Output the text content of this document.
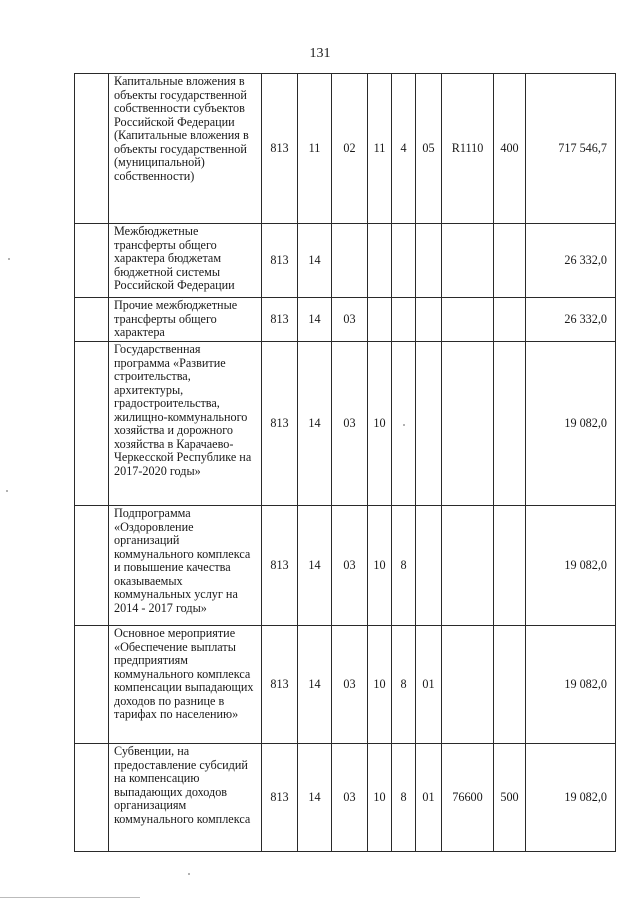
131
	Капитальные вложения в объекты государственной собственности субъектов Российской Федерации (Капитальные вложения в объекты государственной (муниципальной) собственности)	813	11	02	11	4	05	R1110	400	717 546,7
	Межбюджетные трансферты общего характера бюджетам бюджетной системы Российской Федерации	813	14							26 332,0
	Прочие межбюджетные трансферты общего характера	813	14	03						26 332,0
	Государственная программа «Развитие строительства, архитектуры, градостроительства, жилищно-коммунального хозяйства и дорожного хозяйства в Карачаево-Черкесской Республике на 2017-2020 годы»	813	14	03	10					19 082,0
	Подпрограмма «Оздоровление организаций коммунального комплекса и повышение качества оказываемых коммунальных услуг на 2014 - 2017 годы»	813	14	03	10	8				19 082,0
	Основное мероприятие «Обеспечение выплаты предприятиям коммунального комплекса компенсации выпадающих доходов по разнице в тарифах по населению»	813	14	03	10	8	01			19 082,0
	Субвенции, на предоставление субсидий на компенсацию выпадающих доходов организациям коммунального комплекса	813	14	03	10	8	01	76600	500	19 082,0
